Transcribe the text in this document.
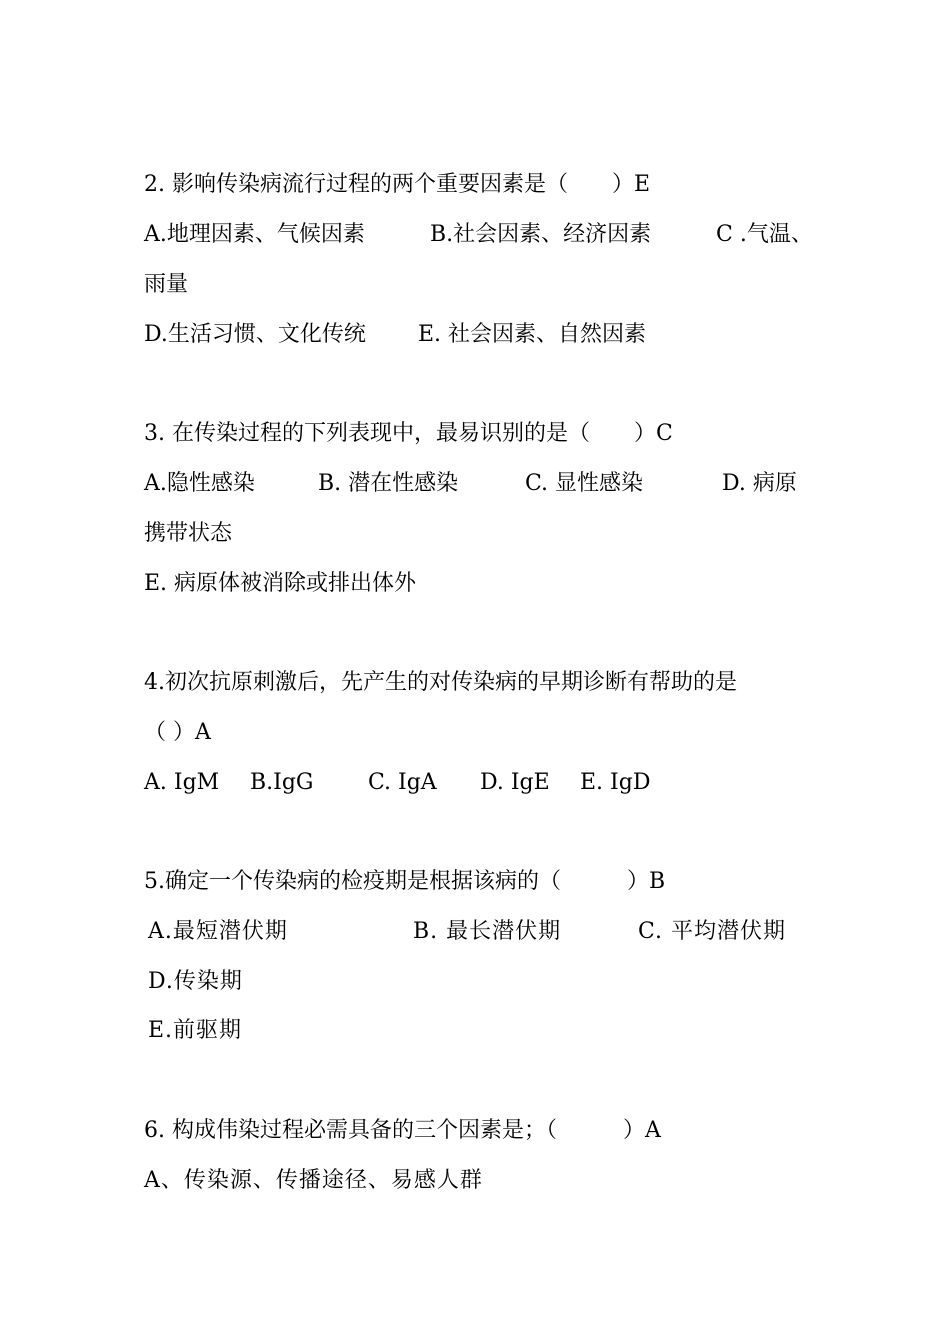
2. 影响传染病流行过程的两个重要因素是（　　）E
A.地理因素、气候因素	B.社会因素、经济因素	C .气温、
雨量
D.生活习惯、文化传统 E. 社会因素、自然因素
3. 在传染过程的下列表现中，最易识别的是（　　）C
A.隐性感染	B. 潜在性感染	C. 显性感染	D. 病原
携带状态
E. 病原体被消除或排出体外
4.初次抗原刺激后，先产生的对传染病的早期诊断有帮助的是
（ ）A
A. IgM B.IgG C. IgA D. IgE E. IgD
5.确定一个传染病的检疫期是根据该病的（　　　）B
A.最短潜伏期	B. 最长潜伏期	C. 平均潜伏期
D.传染期
E.前驱期
6. 构成伟染过程必需具备的三个因素是；（　　　）A
A、传染源、传播途径、易感人群
